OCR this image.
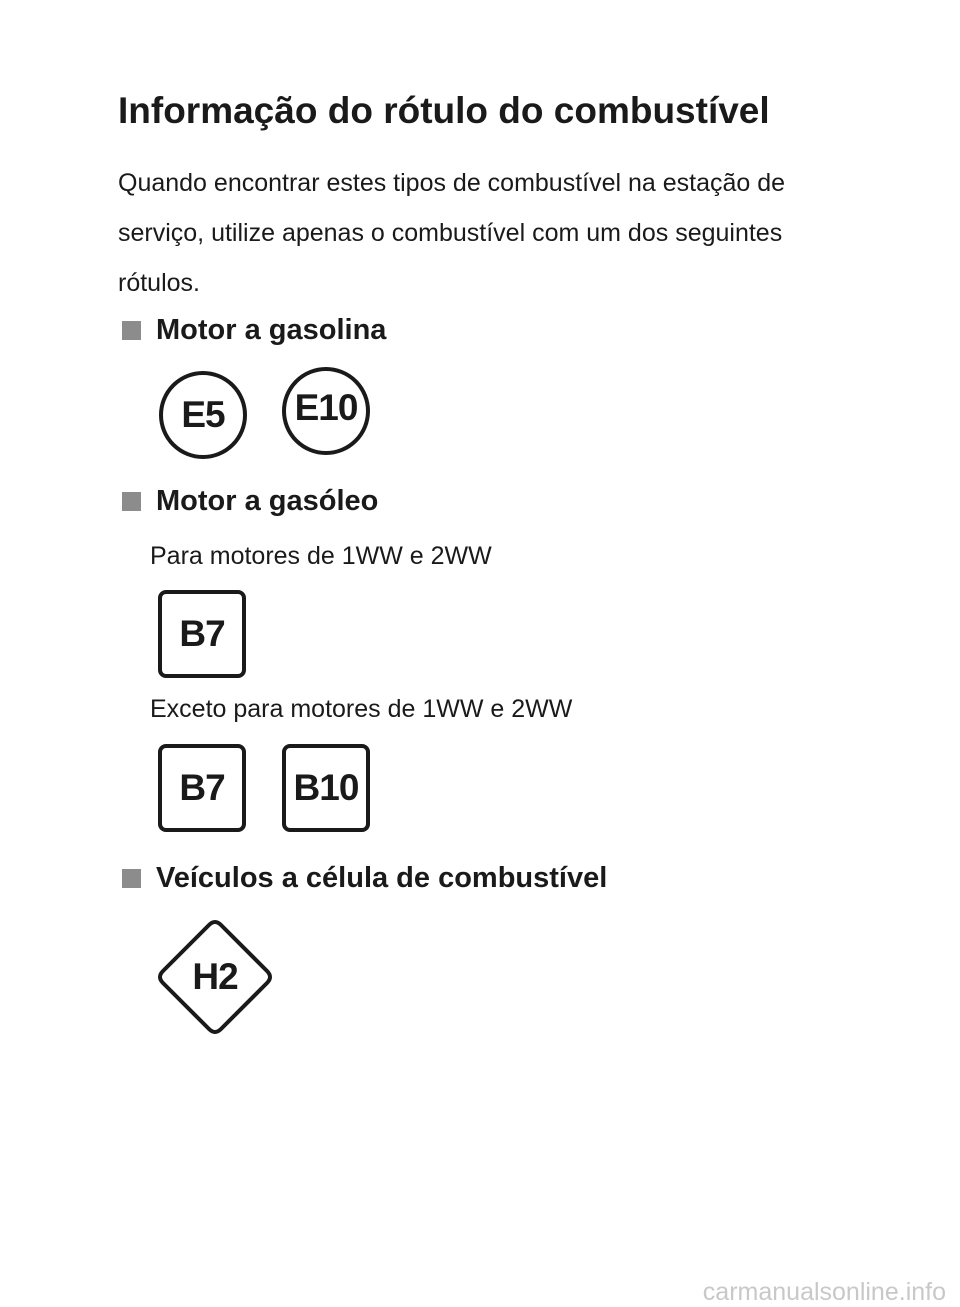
Informação do rótulo do combustível
Quando encontrar estes tipos de combustível na estação de
serviço, utilize apenas o combustível com um dos seguintes
rótulos.
Motor a gasolina
E5 E10
Motor a gasóleo
Para motores de 1WW e 2WW
B7
Exceto para motores de 1WW e 2WW
B7 B10
Veículos a célula de combustível
H2
carmanualsonline.info
